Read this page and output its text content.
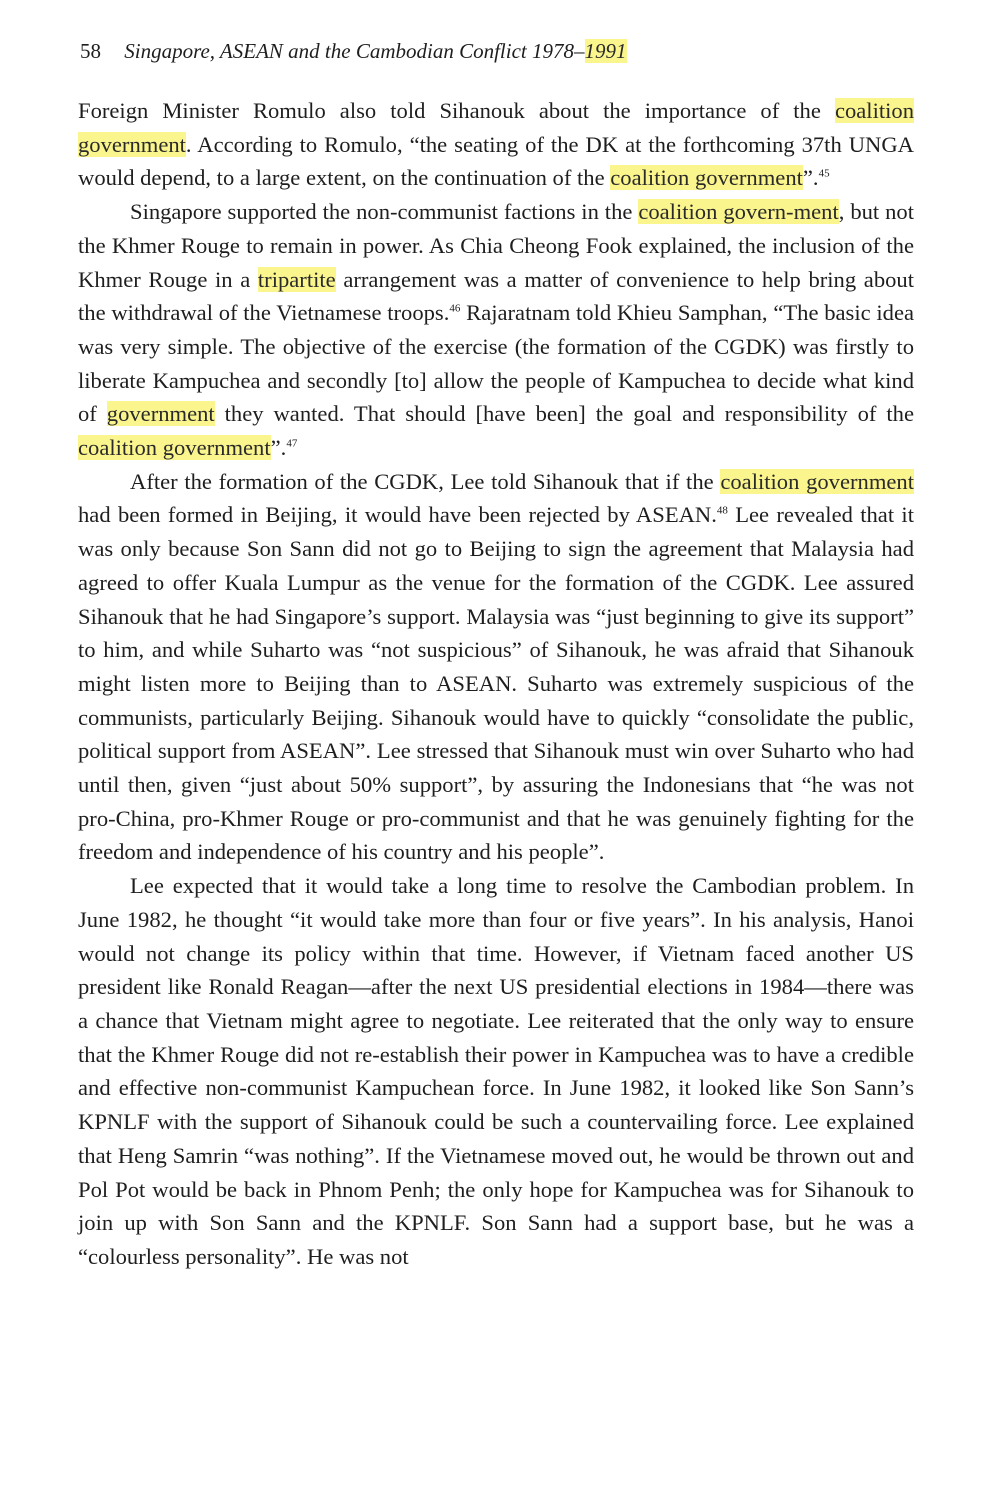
58 Singapore, ASEAN and the Cambodian Conflict 1978–1991

Foreign Minister Romulo also told Sihanouk about the importance of the coalition government. According to Romulo, “the seating of the DK at the forthcoming 37th UNGA would depend, to a large extent, on the continuation of the coalition government”.$^{45}$

Singapore supported the non-communist factions in the coalition govern-ment, but not the Khmer Rouge to remain in power. As Chia Cheong Fook explained, the inclusion of the Khmer Rouge in a tripartite arrangement was a matter of convenience to help bring about the withdrawal of the Vietnamese troops.$^{46}$ Rajaratnam told Khieu Samphan, “The basic idea was very simple. The objective of the exercise (the formation of the CGDK) was firstly to liberate Kampuchea and secondly [to] allow the people of Kampuchea to decide what kind of government they wanted. That should [have been] the goal and responsibility of the coalition government”.$^{47}$

After the formation of the CGDK, Lee told Sihanouk that if the coalition government had been formed in Beijing, it would have been rejected by ASEAN.$^{48}$ Lee revealed that it was only because Son Sann did not go to Beijing to sign the agreement that Malaysia had agreed to offer Kuala Lumpur as the venue for the formation of the CGDK. Lee assured Sihanouk that he had Singapore’s support. Malaysia was “just beginning to give its support” to him, and while Suharto was “not suspicious” of Sihanouk, he was afraid that Sihanouk might listen more to Beijing than to ASEAN. Suharto was extremely suspicious of the communists, particularly Beijing. Sihanouk would have to quickly “consolidate the public, political support from ASEAN”. Lee stressed that Sihanouk must win over Suharto who had until then, given “just about 50% support”, by assuring the Indonesians that “he was not pro-China, pro-Khmer Rouge or pro-communist and that he was genuinely fighting for the freedom and independence of his country and his people”.

Lee expected that it would take a long time to resolve the Cambodian problem. In June 1982, he thought “it would take more than four or five years”. In his analysis, Hanoi would not change its policy within that time. However, if Vietnam faced another US president like Ronald Reagan—after the next US presidential elections in 1984—there was a chance that Vietnam might agree to negotiate. Lee reiterated that the only way to ensure that the Khmer Rouge did not re-establish their power in Kampuchea was to have a credible and effective non-communist Kampuchean force. In June 1982, it looked like Son Sann’s KPNLF with the support of Sihanouk could be such a countervailing force. Lee explained that Heng Samrin “was nothing”. If the Vietnamese moved out, he would be thrown out and Pol Pot would be back in Phnom Penh; the only hope for Kampuchea was for Sihanouk to join up with Son Sann and the KPNLF. Son Sann had a support base, but he was a “colourless personality”. He was not
